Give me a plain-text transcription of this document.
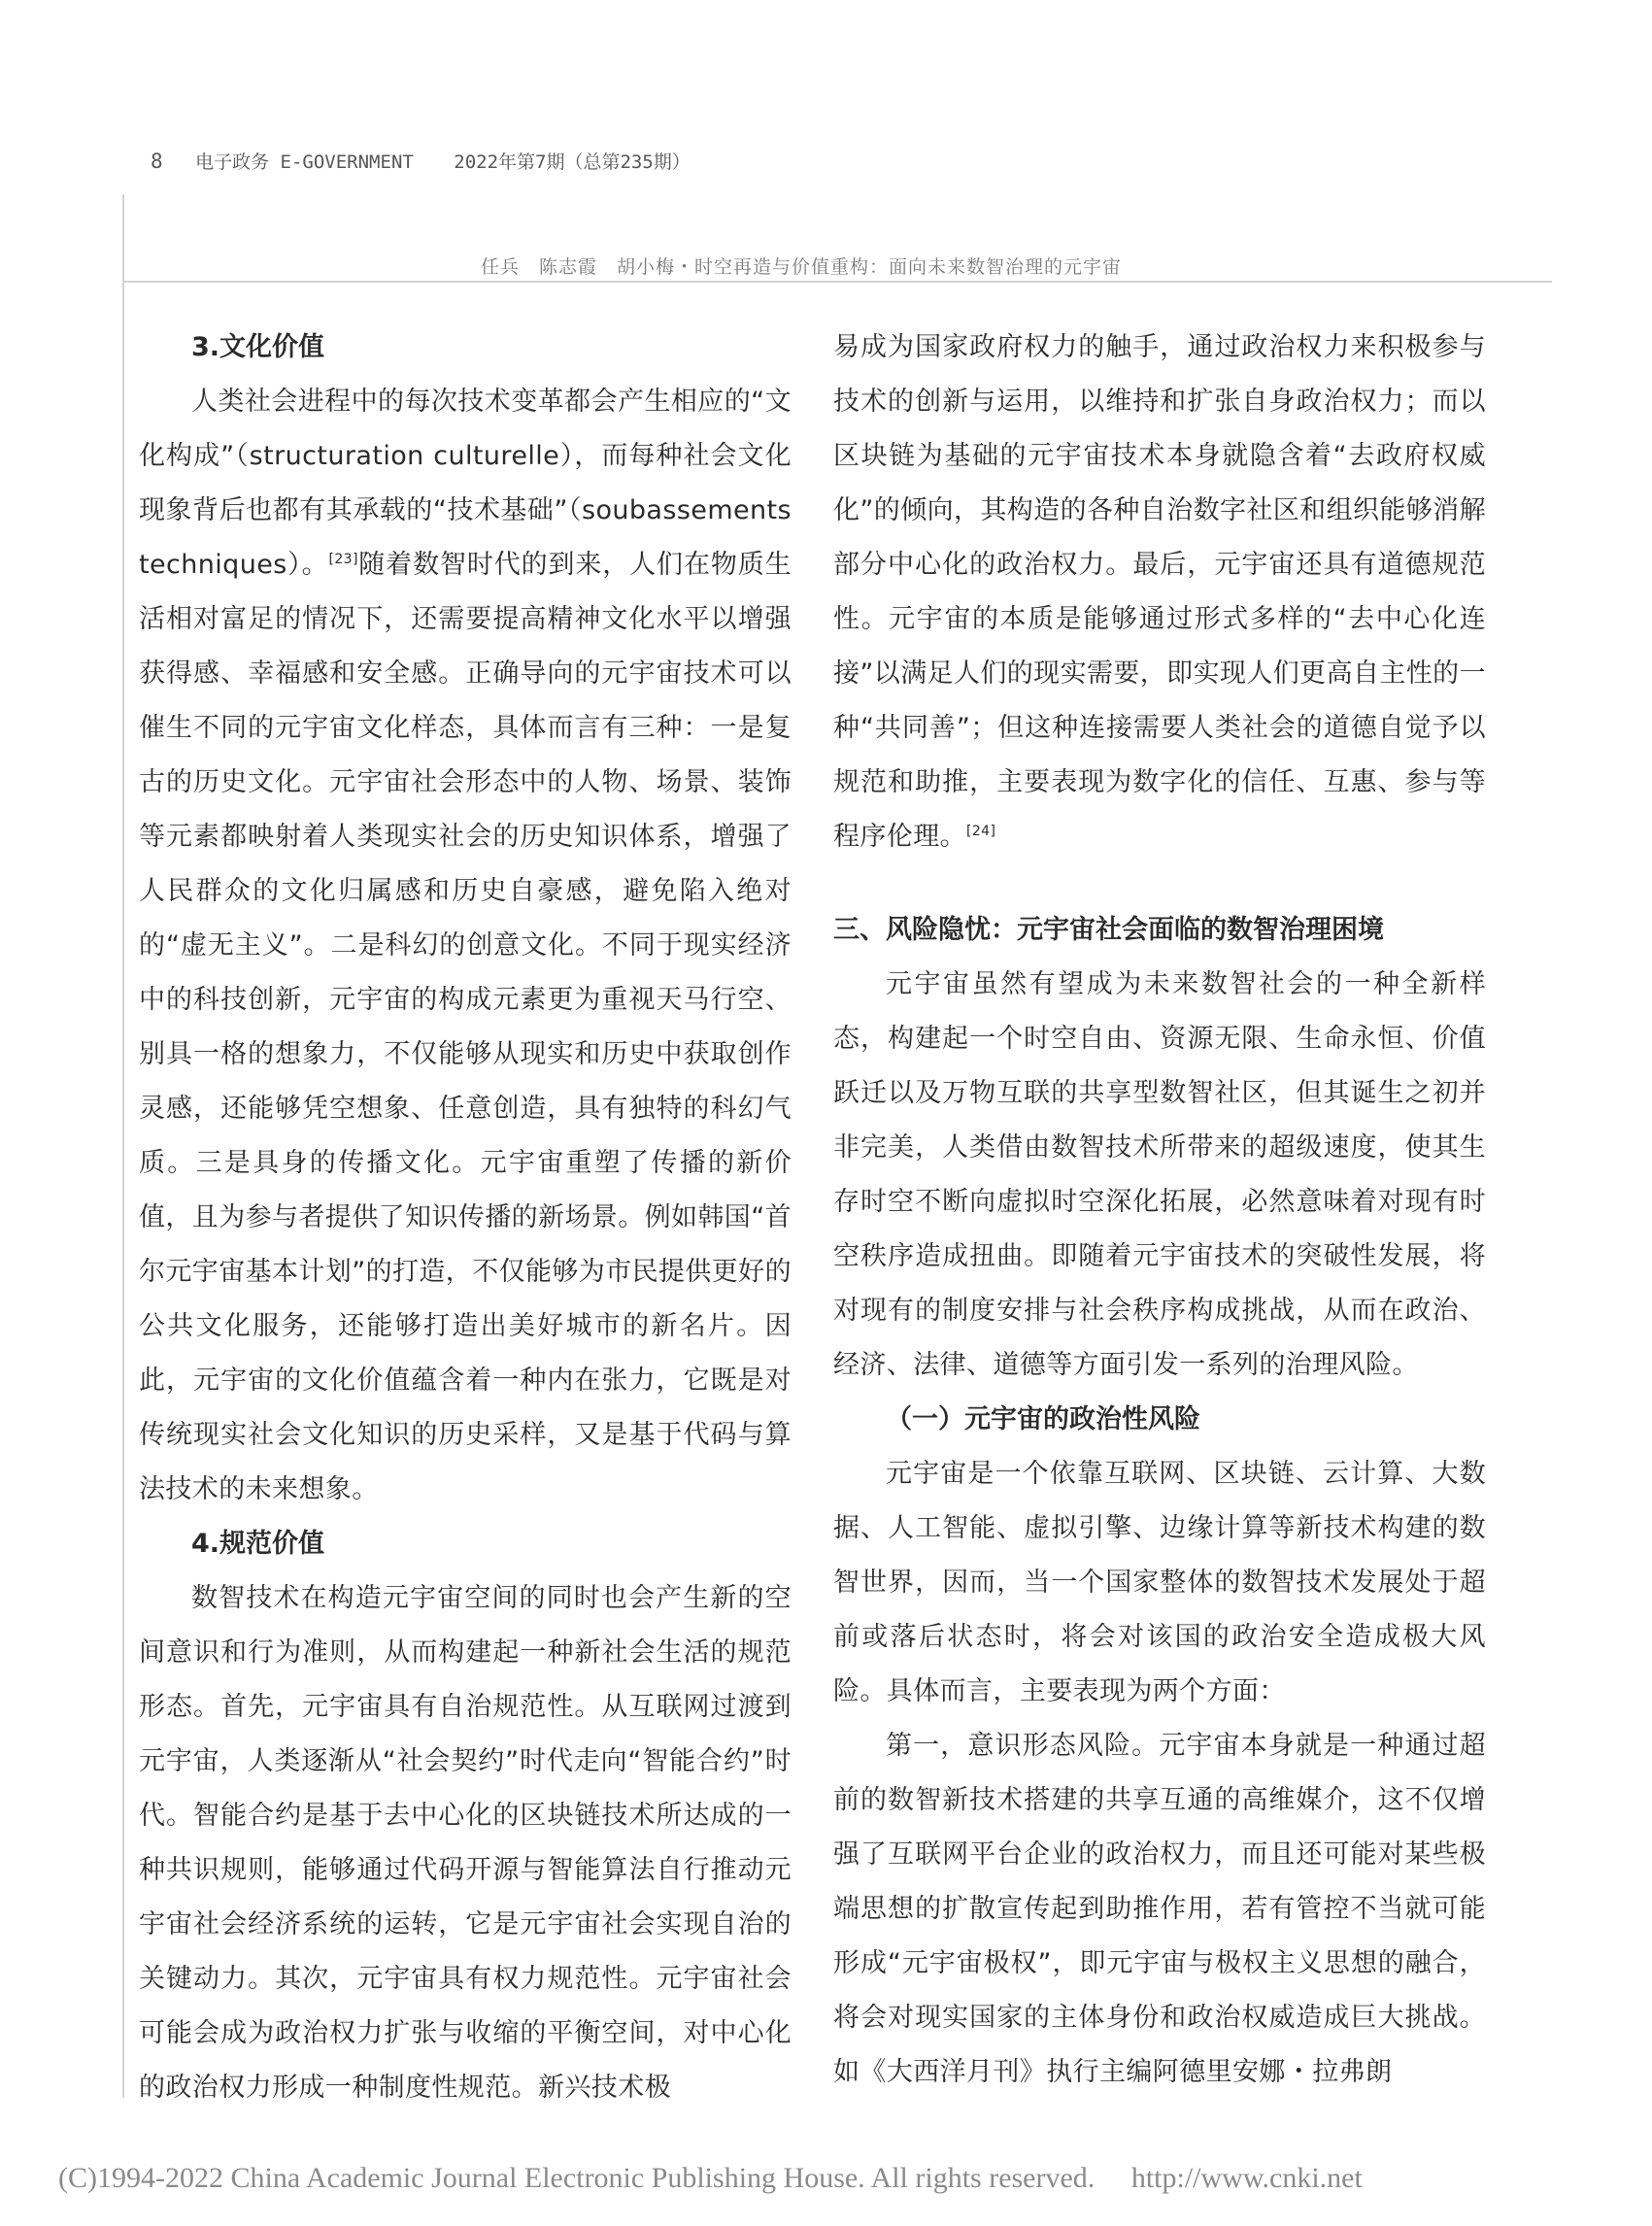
8 电子政务 E-GOVERNMENT 2022年第7期（总第235期）
任兵　陈志霞　胡小梅・时空再造与价值重构：面向未来数智治理的元宇宙

3.文化价值

人类社会进程中的每次技术变革都会产生相应的“文化构成”（structuration culturelle），而每种社会文化现象背后也都有其承载的“技术基础”（soubassements techniques）。[23]随着数智时代的到来，人们在物质生活相对富足的情况下，还需要提高精神文化水平以增强获得感、幸福感和安全感。正确导向的元宇宙技术可以催生不同的元宇宙文化样态，具体而言有三种：一是复古的历史文化。元宇宙社会形态中的人物、场景、装饰等元素都映射着人类现实社会的历史知识体系，增强了人民群众的文化归属感和历史自豪感，避免陷入绝对的“虚无主义”。二是科幻的创意文化。不同于现实经济中的科技创新，元宇宙的构成元素更为重视天马行空、别具一格的想象力，不仅能够从现实和历史中获取创作灵感，还能够凭空想象、任意创造，具有独特的科幻气质。三是具身的传播文化。元宇宙重塑了传播的新价值，且为参与者提供了知识传播的新场景。例如韩国“首尔元宇宙基本计划”的打造，不仅能够为市民提供更好的公共文化服务，还能够打造出美好城市的新名片。因此，元宇宙的文化价值蕴含着一种内在张力，它既是对传统现实社会文化知识的历史采样，又是基于代码与算法技术的未来想象。

4.规范价值

数智技术在构造元宇宙空间的同时也会产生新的空间意识和行为准则，从而构建起一种新社会生活的规范形态。首先，元宇宙具有自治规范性。从互联网过渡到元宇宙，人类逐渐从“社会契约”时代走向“智能合约”时代。智能合约是基于去中心化的区块链技术所达成的一种共识规则，能够通过代码开源与智能算法自行推动元宇宙社会经济系统的运转，它是元宇宙社会实现自治的关键动力。其次，元宇宙具有权力规范性。元宇宙社会可能会成为政治权力扩张与收缩的平衡空间，对中心化的政治权力形成一种制度性规范。新兴技术极

易成为国家政府权力的触手，通过政治权力来积极参与技术的创新与运用，以维持和扩张自身政治权力；而以区块链为基础的元宇宙技术本身就隐含着“去政府权威化”的倾向，其构造的各种自治数字社区和组织能够消解部分中心化的政治权力。最后，元宇宙还具有道德规范性。元宇宙的本质是能够通过形式多样的“去中心化连接”以满足人们的现实需要，即实现人们更高自主性的一种“共同善”；但这种连接需要人类社会的道德自觉予以规范和助推，主要表现为数字化的信任、互惠、参与等程序伦理。[24]

三、风险隐忧：元宇宙社会面临的数智治理困境

元宇宙虽然有望成为未来数智社会的一种全新样态，构建起一个时空自由、资源无限、生命永恒、价值跃迁以及万物互联的共享型数智社区，但其诞生之初并非完美，人类借由数智技术所带来的超级速度，使其生存时空不断向虚拟时空深化拓展，必然意味着对现有时空秩序造成扭曲。即随着元宇宙技术的突破性发展，将对现有的制度安排与社会秩序构成挑战，从而在政治、经济、法律、道德等方面引发一系列的治理风险。

（一）元宇宙的政治性风险

元宇宙是一个依靠互联网、区块链、云计算、大数据、人工智能、虚拟引擎、边缘计算等新技术构建的数智世界，因而，当一个国家整体的数智技术发展处于超前或落后状态时，将会对该国的政治安全造成极大风险。具体而言，主要表现为两个方面：

第一，意识形态风险。元宇宙本身就是一种通过超前的数智新技术搭建的共享互通的高维媒介，这不仅增强了互联网平台企业的政治权力，而且还可能对某些极端思想的扩散宣传起到助推作用，若有管控不当就可能形成“元宇宙极权”，即元宇宙与极权主义思想的融合，将会对现实国家的主体身份和政治权威造成巨大挑战。如《大西洋月刊》执行主编阿德里安娜・拉弗朗

(C)1994-2022 China Academic Journal Electronic Publishing House. All rights reserved. http://www.cnki.net
